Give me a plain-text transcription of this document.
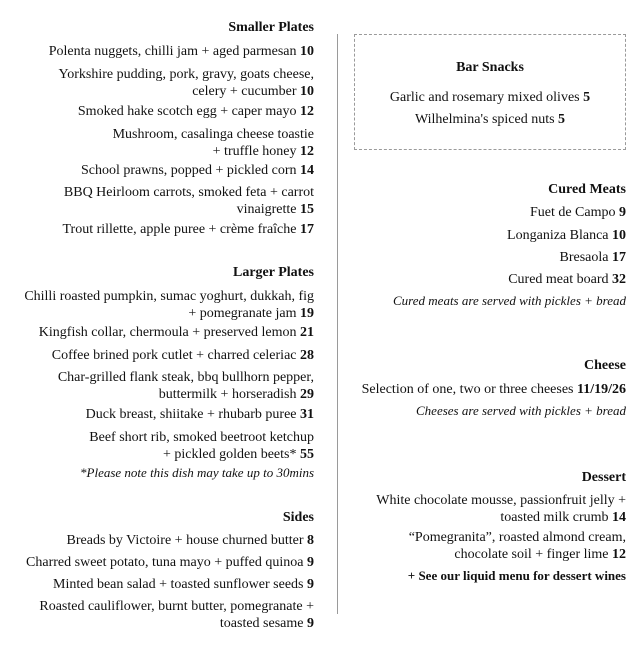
Smaller Plates
Polenta nuggets, chilli jam + aged parmesan 10
Yorkshire pudding, pork, gravy, goats cheese,
celery + cucumber 10
Smoked hake scotch egg + caper mayo 12
Mushroom, casalinga cheese toastie
+ truffle honey 12
School prawns, popped + pickled corn 14
BBQ Heirloom carrots, smoked feta + carrot
vinaigrette 15
Trout rillette, apple puree + crème fraîche 17
Larger Plates
Chilli roasted pumpkin, sumac yoghurt, dukkah, fig
+ pomegranate jam 19
Kingfish collar, chermoula + preserved lemon 21
Coffee brined pork cutlet + charred celeriac 28
Char-grilled flank steak, bbq bullhorn pepper,
buttermilk + horseradish 29
Duck breast, shiitake + rhubarb puree 31
Beef short rib, smoked beetroot ketchup
+ pickled golden beets* 55
*Please note this dish may take up to 30mins
Sides
Breads by Victoire + house churned butter 8
Charred sweet potato, tuna mayo + puffed quinoa 9
Minted bean salad + toasted sunflower seeds 9
Roasted cauliflower, burnt butter, pomegranate +
toasted sesame 9
Bar Snacks
Garlic and rosemary mixed olives 5
Wilhelmina's spiced nuts 5
Cured Meats
Fuet de Campo 9
Longaniza Blanca 10
Bresaola 17
Cured meat board 32
Cured meats are served with pickles + bread
Cheese
Selection of one, two or three cheeses 11/19/26
Cheeses are served with pickles + bread
Dessert
White chocolate mousse, passionfruit jelly +
toasted milk crumb 14
“Pomegranita”, roasted almond cream,
chocolate soil + finger lime 12
+ See our liquid menu for dessert wines
